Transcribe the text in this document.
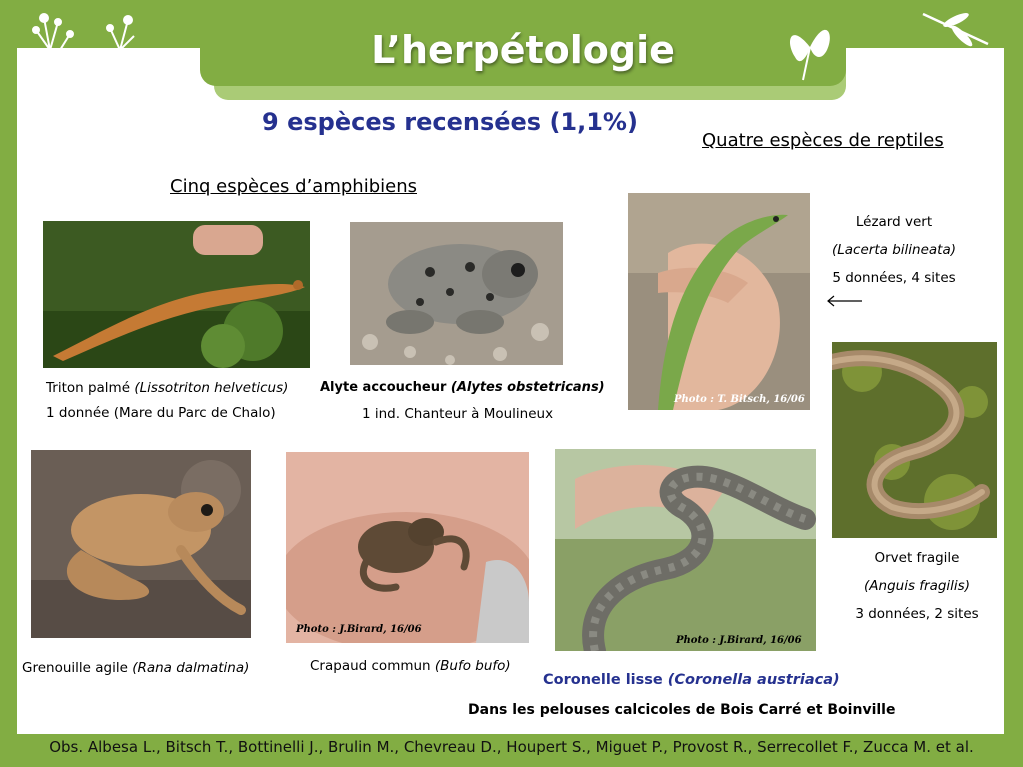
L’herpétologie
9 espèces recensées (1,1%)
Cinq espèces d’amphibiens
Quatre espèces de reptiles
Triton palmé (Lissotriton helveticus)
1 donnée (Mare du Parc de Chalo)
Alyte accoucheur (Alytes obstetricans)
1 ind. Chanteur à Moulineux
Photo : T. Bitsch, 16/06
Lézard vert
(Lacerta bilineata)
5 données, 4 sites
Orvet fragile
(Anguis fragilis)
3 données, 2 sites
Grenouille agile (Rana dalmatina)
Photo : J.Birard, 16/06
Crapaud commun (Bufo bufo)
Photo : J.Birard, 16/06
Coronelle lisse (Coronella austriaca)
Dans les pelouses calcicoles de Bois Carré et Boinville
Obs. Albesa L., Bitsch T., Bottinelli J., Brulin M., Chevreau D., Houpert S., Miguet P., Provost R., Serrecollet F., Zucca M. et al.
